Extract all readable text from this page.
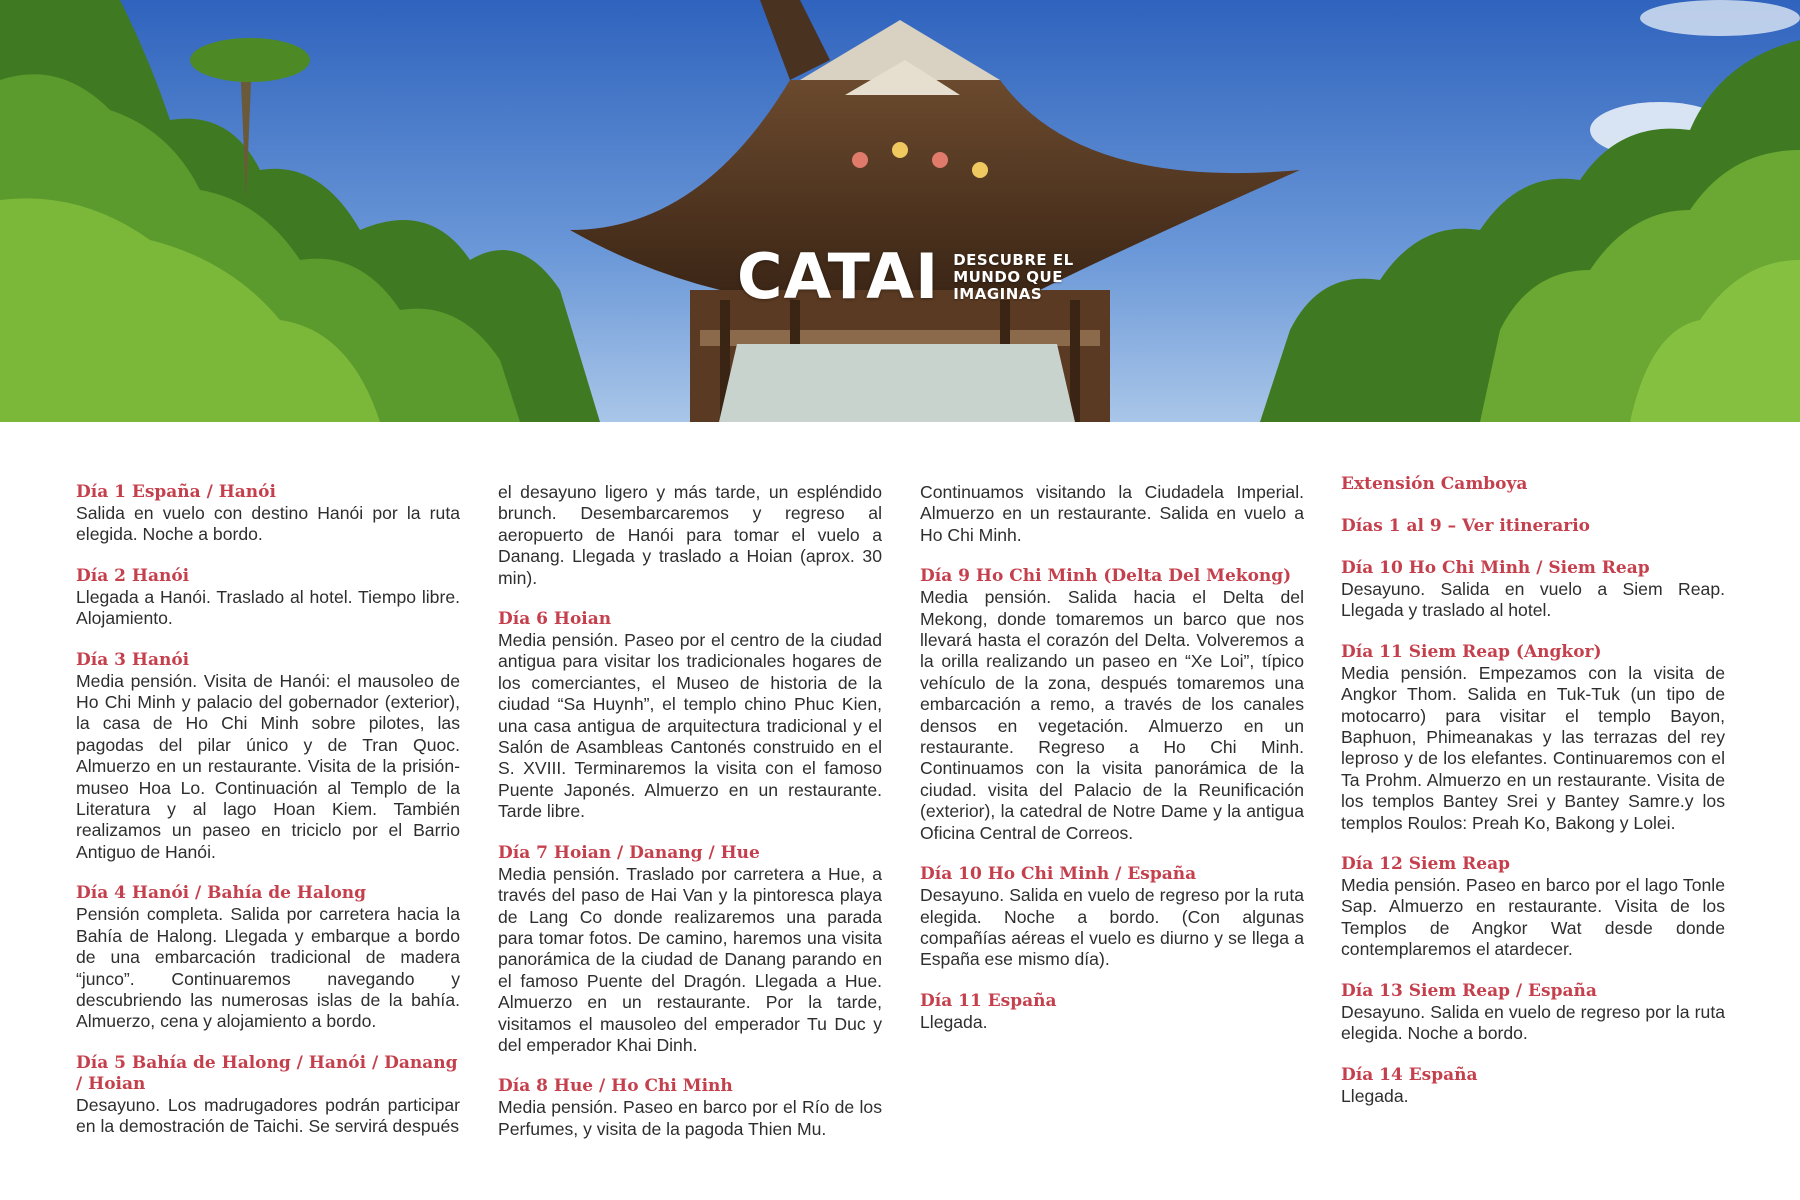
CATAI DESCUBRE EL
MUNDO QUE
IMAGINAS
Día 1 España / Hanói
Salida en vuelo con destino Hanói por la ruta elegida. Noche a bordo.
Día 2 Hanói
Llegada a Hanói. Traslado al hotel. Tiempo libre. Alojamiento.
Día 3 Hanói
Media pensión. Visita de Hanói: el mausoleo de Ho Chi Minh y palacio del gobernador (exterior), la casa de Ho Chi Minh sobre pilotes, las pagodas del pilar único y de Tran Quoc. Almuerzo en un restaurante. Visita de la prisión-museo Hoa Lo. Continuación al Templo de la Literatura y al lago Hoan Kiem. También realizamos un paseo en triciclo por el Barrio Antiguo de Hanói.
Día 4 Hanói / Bahía de Halong
Pensión completa. Salida por carretera hacia la Bahía de Halong. Llegada y embarque a bordo de una embarcación tradicional de madera “junco”. Continuaremos navegando y descubriendo las numerosas islas de la bahía. Almuerzo, cena y alojamiento a bordo.
Día 5 Bahía de Halong / Hanói / Danang / Hoian
Desayuno. Los madrugadores podrán participar en la demostración de Taichi. Se servirá después
el desayuno ligero y más tarde, un espléndido brunch. Desembarcaremos y regreso al aeropuerto de Hanói para tomar el vuelo a Danang. Llegada y traslado a Hoian (aprox. 30 min).
Día 6 Hoian
Media pensión. Paseo por el centro de la ciudad antigua para visitar los tradicionales hogares de los comerciantes, el Museo de historia de la ciudad “Sa Huynh”, el templo chino Phuc Kien, una casa antigua de arquitectura tradicional y el Salón de Asambleas Cantonés construido en el S. XVIII. Terminaremos la visita con el famoso Puente Japonés. Almuerzo en un restaurante. Tarde libre.
Día 7 Hoian / Danang / Hue
Media pensión. Traslado por carretera a Hue, a través del paso de Hai Van y la pintoresca playa de Lang Co donde realizaremos una parada para tomar fotos. De camino, haremos una visita panorámica de la ciudad de Danang parando en el famoso Puente del Dragón. Llegada a Hue. Almuerzo en un restaurante. Por la tarde, visitamos el mausoleo del emperador Tu Duc y del emperador Khai Dinh.
Día 8 Hue / Ho Chi Minh
Media pensión. Paseo en barco por el Río de los Perfumes, y visita de la pagoda Thien Mu.
Continuamos visitando la Ciudadela Imperial. Almuerzo en un restaurante. Salida en vuelo a Ho Chi Minh.
Día 9 Ho Chi Minh (Delta Del Mekong)
Media pensión. Salida hacia el Delta del Mekong, donde tomaremos un barco que nos llevará hasta el corazón del Delta. Volveremos a la orilla realizando un paseo en “Xe Loi”, típico vehículo de la zona, después tomaremos una embarcación a remo, a través de los canales densos en vegetación. Almuerzo en un restaurante. Regreso a Ho Chi Minh. Continuamos con la visita panorámica de la ciudad. visita del Palacio de la Reunificación (exterior), la catedral de Notre Dame y la antigua Oficina Central de Correos.
Día 10 Ho Chi Minh / España
Desayuno. Salida en vuelo de regreso por la ruta elegida. Noche a bordo. (Con algunas compañías aéreas el vuelo es diurno y se llega a España ese mismo día).
Día 11 España
Llegada.
Extensión Camboya
Días 1 al 9 – Ver itinerario
Día 10 Ho Chi Minh / Siem Reap
Desayuno. Salida en vuelo a Siem Reap. Llegada y traslado al hotel.
Día 11 Siem Reap (Angkor)
Media pensión. Empezamos con la visita de Angkor Thom. Salida en Tuk-Tuk (un tipo de motocarro) para visitar el templo Bayon, Baphuon, Phimeanakas y las terrazas del rey leproso y de los elefantes. Continuaremos con el Ta Prohm. Almuerzo en un restaurante. Visita de los templos Bantey Srei y Bantey Samre.y los templos Roulos: Preah Ko, Bakong y Lolei.
Día 12 Siem Reap
Media pensión. Paseo en barco por el lago Tonle Sap. Almuerzo en restaurante. Visita de los Templos de Angkor Wat desde donde contemplaremos el atardecer.
Día 13 Siem Reap / España
Desayuno. Salida en vuelo de regreso por la ruta elegida. Noche a bordo.
Día 14 España
Llegada.
